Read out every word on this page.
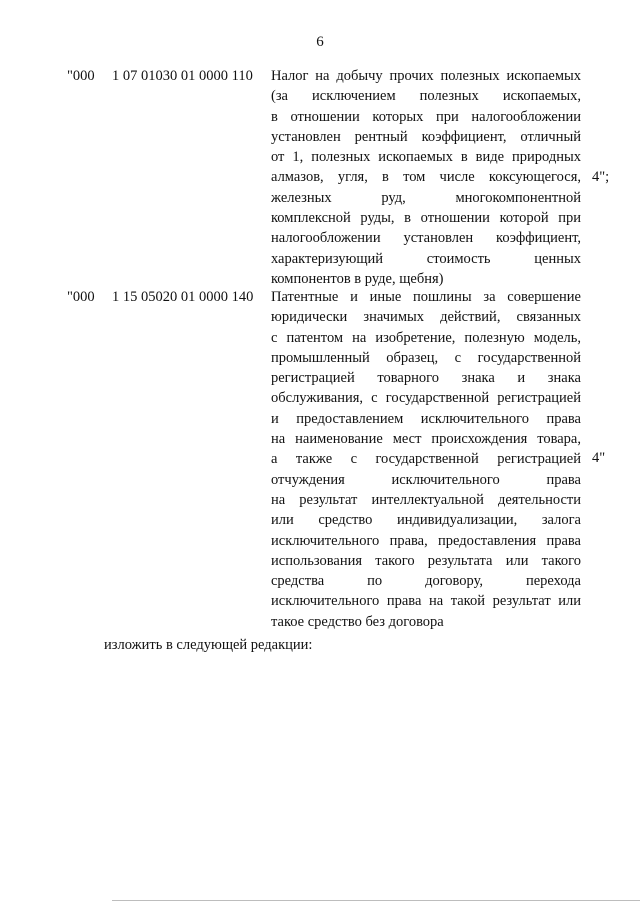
6
"000 1 07 01030 01 0000 110 Налог на добычу прочих полезных ископаемых
(за исключением полезных ископаемых,
в отношении которых при налогообложении
установлен рентный коэффициент, отличный
от 1, полезных ископаемых в виде природных
алмазов, угля, в том числе коксующегося,
железных руд, многокомпонентной
комплексной руды, в отношении которой при
налогообложении установлен коэффициент,
характеризующий стоимость ценных
компонентов в руде, щебня)
4";
"000 1 15 05020 01 0000 140 Патентные и иные пошлины за совершение
юридически значимых действий, связанных
с патентом на изобретение, полезную модель,
промышленный образец, с государственной
регистрацией товарного знака и знака
обслуживания, с государственной регистрацией
и предоставлением исключительного права
на наименование мест происхождения товара,
а также с государственной регистрацией
отчуждения исключительного права
на результат интеллектуальной деятельности
или средство индивидуализации, залога
исключительного права, предоставления права
использования такого результата или такого
средства по договору, перехода
исключительного права на такой результат или
такое средство без договора
4"
изложить в следующей редакции:
